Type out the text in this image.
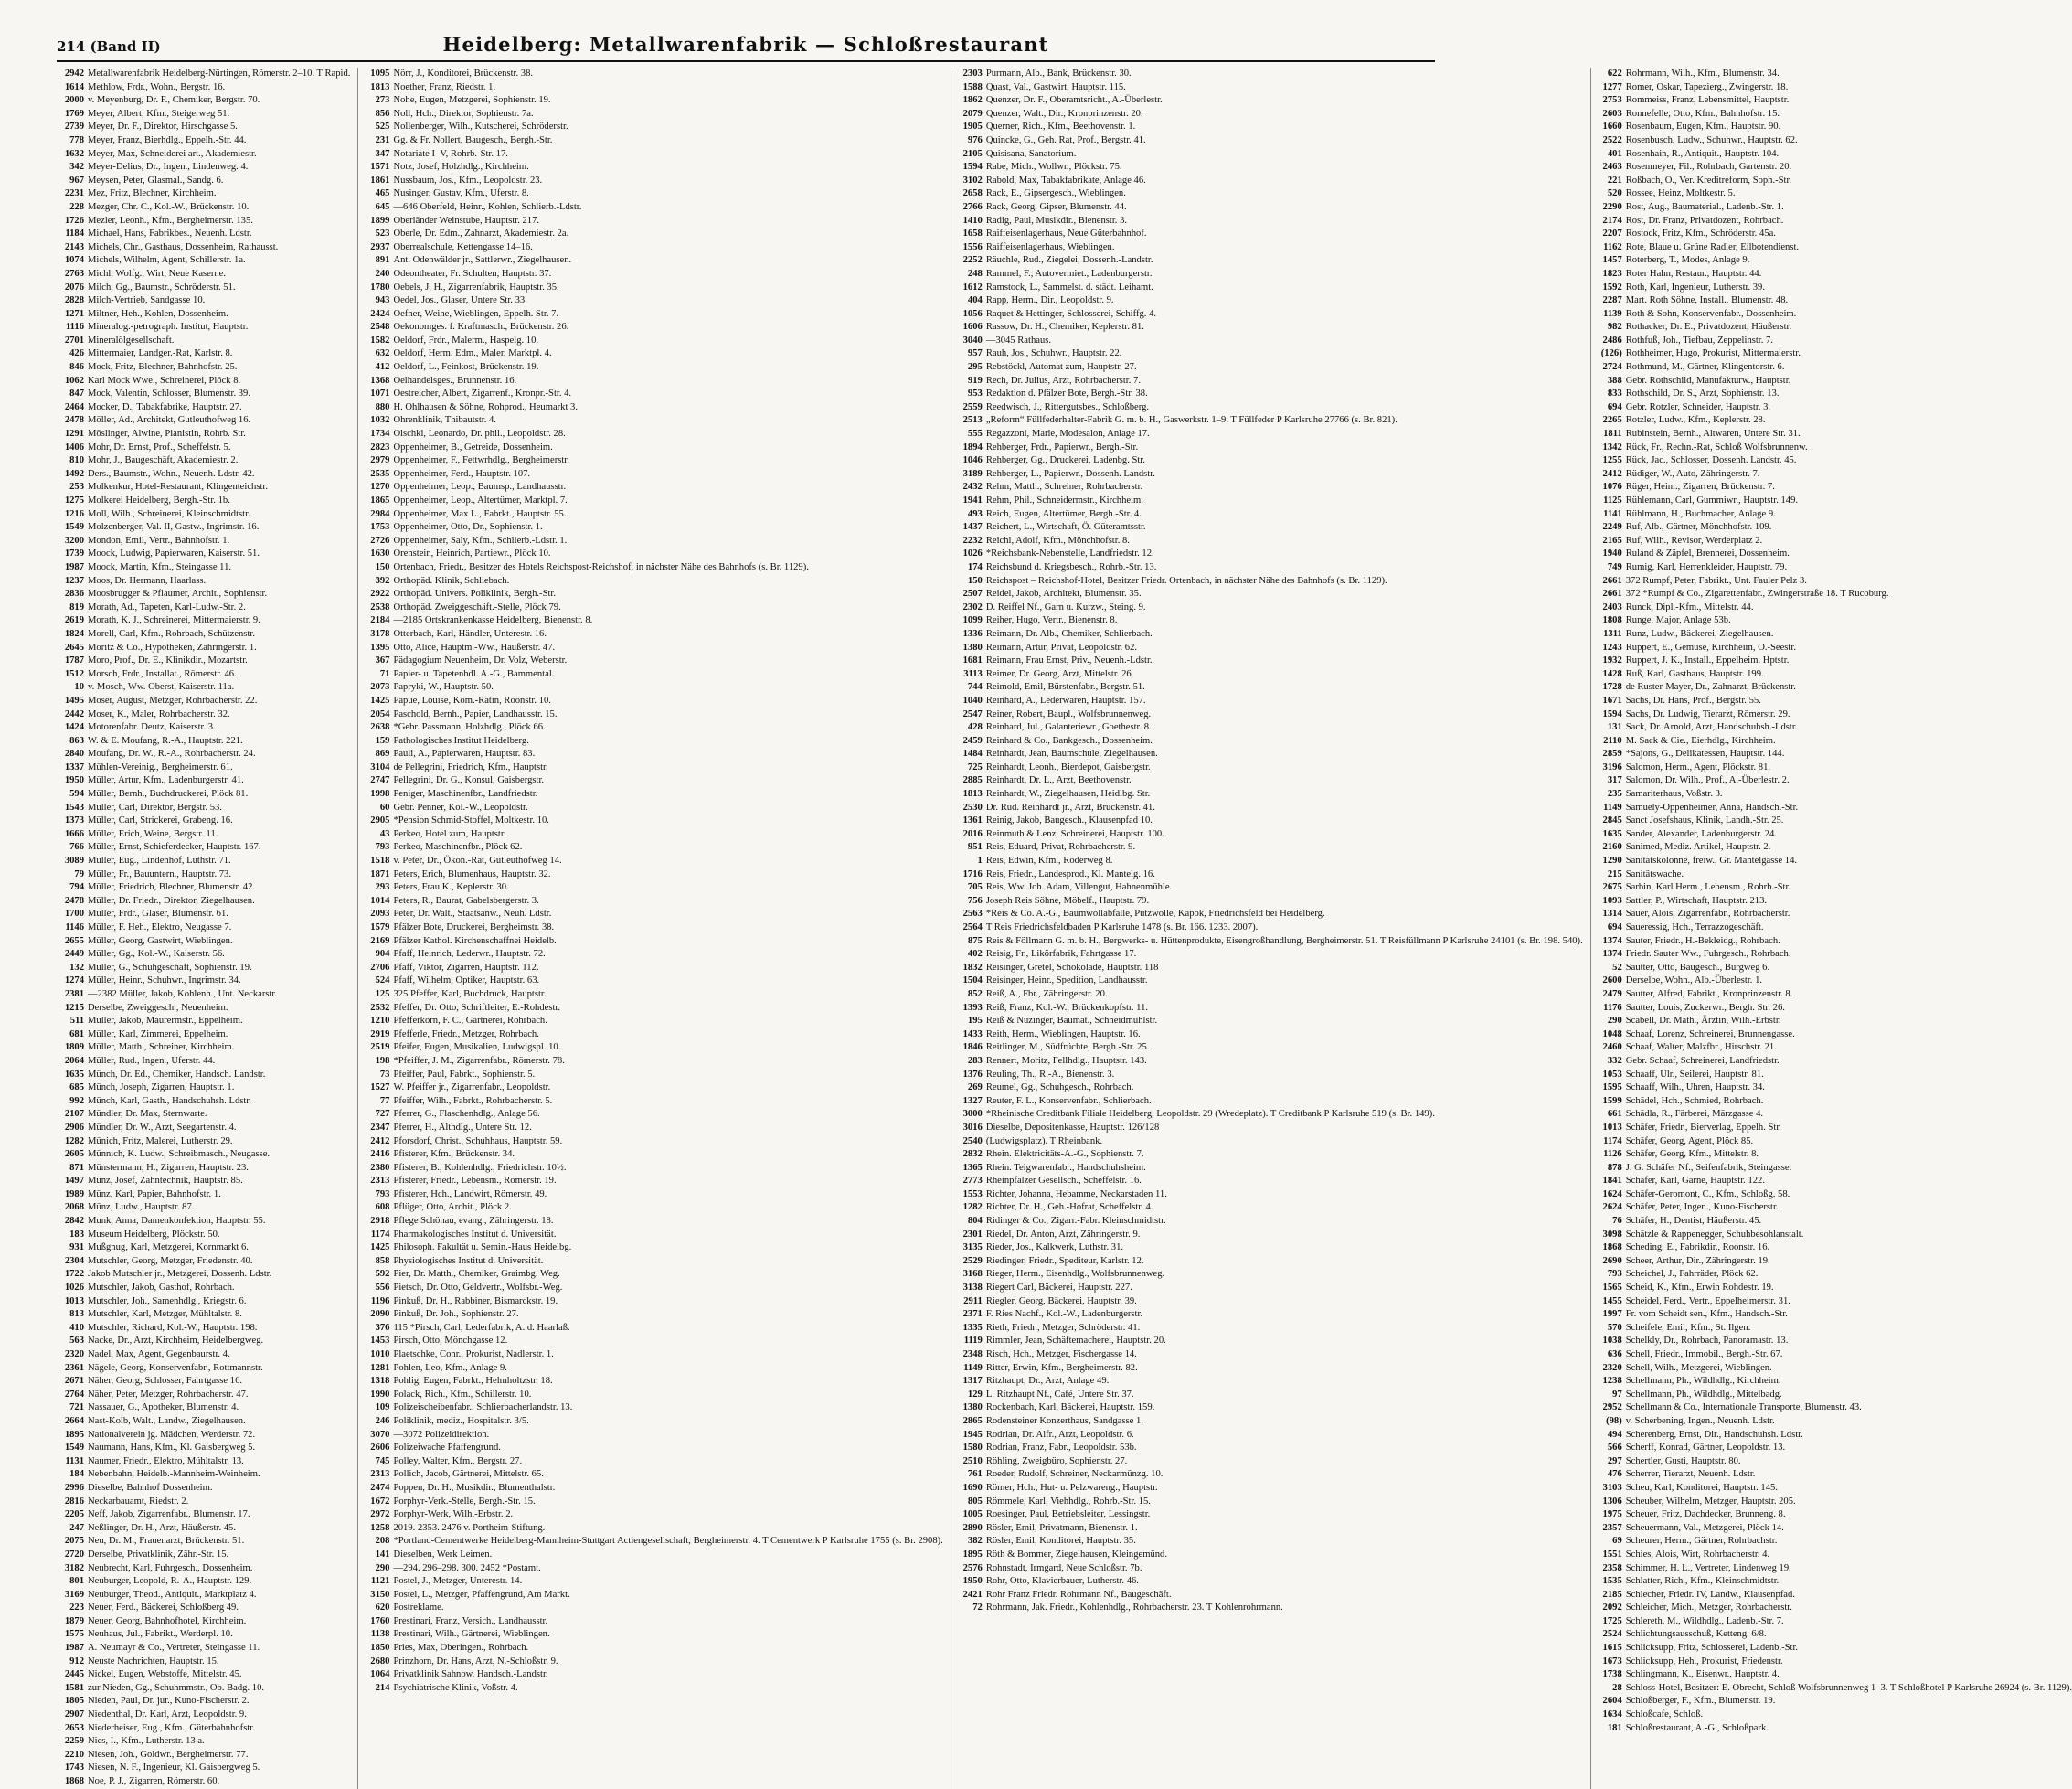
214 (Band II)	Heidelberg: Metallwarenfabrik — Schloßrestaurant
2942 Metallwarenfabrik Heidelberg-Nürtingen, Römerstr. 2–10. T Rapid.
1614 Methlow, Frdr., Wohn., Bergstr. 16.
2000 v. Meyenburg, Dr. F., Chemiker, Bergstr. 70.
1769 Meyer, Albert, Kfm., Steigerweg 51.
2739 Meyer, Dr. F., Direktor, Hirschgasse 5.
778 Meyer, Franz, Bierhdlg., Eppelh.-Str. 44.
1632 Meyer, Max, Schneiderei art., Akademiestr.
342 Meyer-Delius, Dr., Ingen., Lindenweg. 4.
967 Meysen, Peter, Glasmal., Sandg. 6.
2231 Mez, Fritz, Blechner, Kirchheim.
228 Mezger, Chr. C., Kol.-W., Brückenstr. 10.
1726 Mezler, Leonh., Kfm., Bergheimerstr. 135.
1184 Michael, Hans, Fabrikbes., Neuenh. Ldstr.
2143 Michels, Chr., Gasthaus, Dossenheim, Rathausst.
1074 Michels, Wilhelm, Agent, Schillerstr. 1a.
2763 Michl, Wolfg., Wirt, Neue Kaserne.
2076 Milch, Gg., Baumstr., Schröderstr. 51.
2828 Milch-Vertrieb, Sandgasse 10.
1271 Miltner, Heh., Kohlen, Dossenheim.
1116 Mineralog.-petrograph. Institut, Hauptstr.
2701 Mineralölgesellschaft.
426 Mittermaier, Landger.-Rat, Karlstr. 8.
846 Mock, Fritz, Blechner, Bahnhofstr. 25.
1062 Karl Mock Wwe., Schreinerei, Plöck 8.
847 Mock, Valentin, Schlosser, Blumenstr. 39.
2464 Mocker, D., Tabakfabrike, Hauptstr. 27.
2478 Möller, Ad., Architekt, Gutleuthofweg 16.
1291 Möslinger, Alwine, Pianistin, Rohrb. Str.
1406 Mohr, Dr. Ernst, Prof., Scheffelstr. 5.
810 Mohr, J., Baugeschäft, Akademiestr. 2.
1492 Ders., Baumstr., Wohn., Neuenh. Ldstr. 42.
253 Molkenkur, Hotel-Restaurant, Klingenteichstr.
1275 Molkerei Heidelberg, Bergh.-Str. 1b.
1216 Moll, Wilh., Schreinerei, Kleinschmidtstr.
1549 Molzenberger, Val. II, Gastw., Ingrimstr. 16.
3200 Mondon, Emil, Vertr., Bahnhofstr. 1.
1739 Moock, Ludwig, Papierwaren, Kaiserstr. 51.
1987 Moock, Martin, Kfm., Steingasse 11.
1237 Moos, Dr. Hermann, Haarlass.
2836 Moosbrugger & Pflaumer, Archit., Sophienstr.
819 Morath, Ad., Tapeten, Karl-Ludw.-Str. 2.
2619 Morath, K. J., Schreinerei, Mittermaierstr. 9.
1824 Morell, Carl, Kfm., Rohrbach, Schützenstr.
2645 Moritz & Co., Hypotheken, Zähringerstr. 1.
1787 Moro, Prof., Dr. E., Klinikdir., Mozartstr.
1512 Morsch, Frdr., Installat., Römerstr. 46.
10 v. Mosch, Ww. Oberst, Kaiserstr. 11a.
1495 Moser, August, Metzger, Rohrbacherstr. 22.
2442 Moser, K., Maler, Rohrbacherstr. 32.
1424 Motorenfabr. Deutz, Kaiserstr. 3.
863 W. & E. Moufang, R.-A., Hauptstr. 221.
2840 Moufang, Dr. W., R.-A., Rohrbacherstr. 24.
1337 Mühlen-Vereinig., Bergheimerstr. 61.
1950 Müller, Artur, Kfm., Ladenburgerstr. 41.
594 Müller, Bernh., Buchdruckerei, Plöck 81.
1543 Müller, Carl, Direktor, Bergstr. 53.
1373 Müller, Carl, Strickerei, Grabeng. 16.
1666 Müller, Erich, Weine, Bergstr. 11.
766 Müller, Ernst, Schieferdecker, Hauptstr. 167.
3089 Müller, Eug., Lindenhof, Luthstr. 71.
79 Müller, Fr., Bauuntern., Hauptstr. 73.
794 Müller, Friedrich, Blechner, Blumenstr. 42.
2478 Müller, Dr. Friedr., Direktor, Ziegelhausen.
1700 Müller, Frdr., Glaser, Blumenstr. 61.
1146 Müller, F. Heh., Elektro, Neugasse 7.
2655 Müller, Georg, Gastwirt, Wieblingen.
2449 Müller, Gg., Kol.-W., Kaiserstr. 56.
132 Müller, G., Schuhgeschäft, Sophienstr. 19.
1274 Müller, Heinr., Schuhwr., Ingrimstr. 34.
2381 —2382 Müller, Jakob, Kohlenh., Unt. Neckarstr.
1215 Derselbe, Zweiggesch., Neuenheim.
511 Müller, Jakob, Maurermstr., Eppelheim.
681 Müller, Karl, Zimmerei, Eppelheim.
1809 Müller, Matth., Schreiner, Kirchheim.
2064 Müller, Rud., Ingen., Uferstr. 44.
1635 Münch, Dr. Ed., Chemiker, Handsch. Landstr.
685 Münch, Joseph, Zigarren, Hauptstr. 1.
992 Münch, Karl, Gasth., Handschuhsh. Ldstr.
2107 Mündler, Dr. Max, Sternwarte.
2906 Mündler, Dr. W., Arzt, Seegartenstr. 4.
1282 Münich, Fritz, Malerei, Lutherstr. 29.
2605 Münnich, K. Ludw., Schreibmasch., Neugasse.
871 Münstermann, H., Zigarren, Hauptstr. 23.
1497 Münz, Josef, Zahntechnik, Hauptstr. 85.
1989 Münz, Karl, Papier, Bahnhofstr. 1.
2068 Münz, Ludw., Hauptstr. 87.
2842 Munk, Anna, Damenkonfektion, Hauptstr. 55.
183 Museum Heidelberg, Plöckstr. 50.
931 Mußgnug, Karl, Metzgerei, Kornmarkt 6.
2304 Mutschler, Georg, Metzger, Friedenstr. 40.
1722 Jakob Mutschler jr., Metzgerei, Dossenh. Ldstr.
1026 Mutschler, Jakob, Gasthof, Rohrbach.
1013 Mutschler, Joh., Samenhdlg., Kriegstr. 6.
813 Mutschler, Karl, Metzger, Mühltalstr. 8.
410 Mutschler, Richard, Kol.-W., Hauptstr. 198.
563 Nacke, Dr., Arzt, Kirchheim, Heidelbergweg.
2320 Nadel, Max, Agent, Gegenbaurstr. 4.
2361 Nägele, Georg, Konservenfabr., Rottmannstr.
2671 Näher, Georg, Schlosser, Fahrtgasse 16.
2764 Näher, Peter, Metzger, Rohrbacherstr. 47.
721 Nassauer, G., Apotheker, Blumenstr. 4.
2664 Nast-Kolb, Walt., Landw., Ziegelhausen.
1895 Nationalverein jg. Mädchen, Werderstr. 72.
1549 Naumann, Hans, Kfm., Kl. Gaisbergweg 5.
1131 Naumer, Friedr., Elektro, Mühltalstr. 13.
184 Nebenbahn, Heidelb.-Mannheim-Weinheim.
2996 Dieselbe, Bahnhof Dossenheim.
2816 Neckarbauamt, Riedstr. 2.
2205 Neff, Jakob, Zigarrenfabr., Blumenstr. 17.
247 Neßlinger, Dr. H., Arzt, Häußerstr. 45.
2075 Neu, Dr. M., Frauenarzt, Brückenstr. 51.
2720 Derselbe, Privatklinik, Zähr.-Str. 15.
3182 Neubrecht, Karl, Fuhrgesch., Dossenheim.
801 Neuburger, Leopold, R.-A., Hauptstr. 129.
3169 Neuburger, Theod., Antiquit., Marktplatz 4.
223 Neuer, Ferd., Bäckerei, Schloßberg 49.
1879 Neuer, Georg, Bahnhofhotel, Kirchheim.
1575 Neuhaus, Jul., Fabrikt., Werderpl. 10.
1987 A. Neumayr & Co., Vertreter, Steingasse 11.
912 Neuste Nachrichten, Hauptstr. 15.
2445 Nickel, Eugen, Webstoffe, Mittelstr. 45.
1581 zur Nieden, Gg., Schuhmmstr., Ob. Badg. 10.
1805 Nieden, Paul, Dr. jur., Kuno-Fischerstr. 2.
2907 Niedenthal, Dr. Karl, Arzt, Leopoldstr. 9.
2653 Niederheiser, Eug., Kfm., Güterbahnhofstr.
2259 Nies, I., Kfm., Lutherstr. 13 a.
2210 Niesen, Joh., Goldwr., Bergheimerstr. 77.
1743 Niesen, N. F., Ingenieur, Kl. Gaisbergweg 5.
1868 Noe, P. J., Zigarren, Römerstr. 60.
1095 Nörr, J., Konditorei, Brückenstr. 38.
1813 Noether, Franz, Riedstr. 1.
273 Nohe, Eugen, Metzgerei, Sophienstr. 19.
856 Noll, Hch., Direktor, Sophienstr. 7a.
525 Nollenberger, Wilh., Kutscherei, Schröderstr.
231 Gg. & Fr. Nollert, Baugesch., Bergh.-Str.
347 Notariate I–V, Rohrb.-Str. 17.
1571 Notz, Josef, Holzhdlg., Kirchheim.
1861 Nussbaum, Jos., Kfm., Leopoldstr. 23.
465 Nusinger, Gustav, Kfm., Uferstr. 8.
645 —646 Oberfeld, Heinr., Kohlen, Schlierb.-Ldstr.
1899 Oberländer Weinstube, Hauptstr. 217.
523 Oberle, Dr. Edm., Zahnarzt, Akademiestr. 2a.
2937 Oberrealschule, Kettengasse 14–16.
891 Ant. Odenwälder jr., Sattlerwr., Ziegelhausen.
240 Odeontheater, Fr. Schulten, Hauptstr. 37.
1780 Oebels, J. H., Zigarrenfabrik, Hauptstr. 35.
943 Oedel, Jos., Glaser, Untere Str. 33.
2424 Oefner, Weine, Wieblingen, Eppelh. Str. 7.
2548 Oekonomges. f. Kraftmasch., Brückenstr. 26.
1582 Oeldorf, Frdr., Malerm., Haspelg. 10.
632 Oeldorf, Herm. Edm., Maler, Marktpl. 4.
412 Oeldorf, L., Feinkost, Brückenstr. 19.
1368 Oelhandelsges., Brunnenstr. 16.
1071 Oestreicher, Albert, Zigarrenf., Kronpr.-Str. 4.
880 H. Ohlhausen & Söhne, Rohprod., Heumarkt 3.
1032 Ohrenklinik, Thibautstr. 4.
1734 Olschki, Leonardo, Dr. phil., Leopoldstr. 28.
2823 Oppenheimer, B., Getreide, Dossenheim.
2979 Oppenheimer, F., Fettwrhdlg., Bergheimerstr.
2535 Oppenheimer, Ferd., Hauptstr. 107.
1270 Oppenheimer, Leop., Baumsp., Landhausstr.
1865 Oppenheimer, Leop., Altertümer, Marktpl. 7.
2984 Oppenheimer, Max L., Fabrkt., Hauptstr. 55.
1753 Oppenheimer, Otto, Dr., Sophienstr. 1.
2726 Oppenheimer, Saly, Kfm., Schlierb.-Ldstr. 1.
1630 Orenstein, Heinrich, Partiewr., Plöck 10.
150 Ortenbach, Friedr., Besitzer des Hotels Reichspost-Reichshof, in nächster Nähe des Bahnhofs (s. Br. 1129).
392 Orthopäd. Klinik, Schliebach.
2922 Orthopäd. Univers. Poliklinik, Bergh.-Str.
2538 Orthopäd. Zweiggeschäft.-Stelle, Plöck 79.
2184 —2185 Ortskrankenkasse Heidelberg, Bienenstr. 8.
3178 Otterbach, Karl, Händler, Unterestr. 16.
1395 Otto, Alice, Hauptm.-Ww., Häußerstr. 47.
367 Pädagogium Neuenheim, Dr. Volz, Weberstr.
71 Papier- u. Tapetenhdl. A.-G., Bammental.
2073 Papryki, W., Hauptstr. 50.
1425 Papue, Louise, Kom.-Rätin, Roonstr. 10.
2054 Paschold, Bernh., Papier, Landhausstr. 15.
2638 *Gebr. Passmann, Holzhdlg., Plöck 66.
159 Pathologisches Institut Heidelberg.
869 Pauli, A., Papierwaren, Hauptstr. 83.
3104 de Pellegrini, Friedrich, Kfm., Hauptstr.
2747 Pellegrini, Dr. G., Konsul, Gaisbergstr.
1998 Peniger, Maschinenfbr., Landfriedstr.
60 Gebr. Penner, Kol.-W., Leopoldstr.
2905 *Pension Schmid-Stoffel, Moltkestr. 10.
43 Perkeo, Hotel zum, Hauptstr.
793 Perkeo, Maschinenfbr., Plöck 62.
1518 v. Peter, Dr., Ökon.-Rat, Gutleuthofweg 14.
1871 Peters, Erich, Blumenhaus, Hauptstr. 32.
293 Peters, Frau K., Keplerstr. 30.
1014 Peters, R., Baurat, Gabelsbergerstr. 3.
2093 Peter, Dr. Walt., Staatsanw., Neuh. Ldstr.
1579 Pfälzer Bote, Druckerei, Bergheimstr. 38.
2169 Pfälzer Kathol. Kirchenschaffnei Heidelb.
904 Pfaff, Heinrich, Lederwr., Hauptstr. 72.
2706 Pfaff, Viktor, Zigarren, Hauptstr. 112.
524 Pfaff, Wilhelm, Optiker, Hauptstr. 63.
125 325 Pfeffer, Karl, Buchdruck, Hauptstr.
2532 Pfeffer, Dr. Otto, Schriftleiter, E.-Rohdestr.
1210 Pfefferkorn, F. C., Gärtnerei, Rohrbach.
2919 Pfefferle, Friedr., Metzger, Rohrbach.
2519 Pfeifer, Eugen, Musikalien, Ludwigspl. 10.
198 *Pfeiffer, J. M., Zigarrenfabr., Römerstr. 78.
73 Pfeiffer, Paul, Fabrkt., Sophienstr. 5.
1527 W. Pfeiffer jr., Zigarrenfabr., Leopoldstr.
77 Pfeiffer, Wilh., Fabrkt., Rohrbacherstr. 5.
727 Pferrer, G., Flaschenhdlg., Anlage 56.
2347 Pferrer, H., Althdlg., Untere Str. 12.
2412 Pforsdorf, Christ., Schuhhaus, Hauptstr. 59.
2416 Pfisterer, Kfm., Brückenstr. 34.
2380 Pfisterer, B., Kohlenhdlg., Friedrichstr. 10½.
2313 Pfisterer, Friedr., Lebensm., Römerstr. 19.
793 Pfisterer, Hch., Landwirt, Römerstr. 49.
608 Pflüger, Otto, Archit., Plöck 2.
2918 Pflege Schönau, evang., Zähringerstr. 18.
1174 Pharmakologisches Institut d. Universität.
1425 Philosoph. Fakultät u. Semin.-Haus Heidelbg.
858 Physiologisches Institut d. Universität.
592 Pier, Dr. Matth., Chemiker, Graimbg. Weg.
556 Pietsch, Dr. Otto, Geldvertr., Wolfsbr.-Weg.
1196 Pinkuß, Dr. H., Rabbiner, Bismarckstr. 19.
2090 Pinkuß, Dr. Joh., Sophienstr. 27.
376 115 *Pirsch, Carl, Lederfabrik, A. d. Haarlaß.
1453 Pirsch, Otto, Mönchgasse 12.
1010 Plaetschke, Conr., Prokurist, Nadlerstr. 1.
1281 Pohlen, Leo, Kfm., Anlage 9.
1318 Pohlig, Eugen, Fabrkt., Helmholtzstr. 18.
1990 Polack, Rich., Kfm., Schillerstr. 10.
109 Polizeischeibenfabr., Schlierbacherlandstr. 13.
246 Poliklinik, mediz., Hospitalstr. 3/5.
3070 —3072 Polizeidirektion.
2606 Polizeiwache Pfaffengrund.
745 Polley, Walter, Kfm., Bergstr. 27.
2313 Pollich, Jacob, Gärtnerei, Mittelstr. 65.
2474 Poppen, Dr. H., Musikdir., Blumenthalstr.
1672 Porphyr-Verk.-Stelle, Bergh.-Str. 15.
2972 Porphyr-Werk, Wilh.-Erbstr. 2.
1258 2019. 2353. 2476 v. Portheim-Stiftung.
208 *Portland-Cementwerke Heidelberg-Mannheim-Stuttgart Actiengesellschaft, Bergheimerstr. 4. T Cementwerk P Karlsruhe 1755 (s. Br. 2908).
141 Dieselben, Werk Leimen.
290 —294. 296–298. 300. 2452 *Postamt.
1121 Postel, J., Metzger, Unterestr. 14.
3150 Postel, L., Metzger, Pfaffengrund, Am Markt.
620 Postreklame.
1760 Prestinari, Franz, Versich., Landhausstr.
1138 Prestinari, Wilh., Gärtnerei, Wieblingen.
1850 Pries, Max, Oberingen., Rohrbach.
2680 Prinzhorn, Dr. Hans, Arzt, N.-Schloßstr. 9.
1064 Privatklinik Sahnow, Handsch.-Landstr.
214 Psychiatrische Klinik, Voßstr. 4.
2303 Purmann, Alb., Bank, Brückenstr. 30.
1588 Quast, Val., Gastwirt, Hauptstr. 115.
1862 Quenzer, Dr. F., Oberamtsricht., A.-Überlestr.
2079 Quenzer, Walt., Dir., Kronprinzenstr. 20.
1905 Querner, Rich., Kfm., Beethovenstr. 1.
976 Quincke, G., Geh. Rat, Prof., Bergstr. 41.
2105 Quisisana, Sanatorium.
1594 Rabe, Mich., Wollwr., Plöckstr. 75.
3102 Rabold, Max, Tabakfabrikate, Anlage 46.
2658 Rack, E., Gipsergesch., Wieblingen.
2766 Rack, Georg, Gipser, Blumenstr. 44.
1410 Radig, Paul, Musikdir., Bienenstr. 3.
1658 Raiffeisenlagerhaus, Neue Güterbahnhof.
1556 Raiffeisenlagerhaus, Wieblingen.
2252 Räuchle, Rud., Ziegelei, Dossenh.-Landstr.
248 Rammel, F., Autovermiet., Ladenburgerstr.
1612 Ramstock, L., Sammelst. d. städt. Leihamt.
404 Rapp, Herm., Dir., Leopoldstr. 9.
1056 Raquet & Hettinger, Schlosserei, Schiffg. 4.
1606 Rassow, Dr. H., Chemiker, Keplerstr. 81.
3040 —3045 Rathaus.
957 Rauh, Jos., Schuhwr., Hauptstr. 22.
295 Rebstöckl, Automat zum, Hauptstr. 27.
919 Rech, Dr. Julius, Arzt, Rohrbacherstr. 7.
953 Redaktion d. Pfälzer Bote, Bergh.-Str. 38.
2559 Reedwisch, J., Rittergutsbes., Schloßberg.
2513 „Reform“ Füllfederhalter-Fabrik G. m. b. H., Gaswerkstr. 1–9. T Füllfeder P Karlsruhe 27766 (s. Br. 821).
555 Regazzoni, Marie, Modesalon, Anlage 17.
1894 Rehberger, Frdr., Papierwr., Bergh.-Str.
1046 Rehberger, Gg., Druckerei, Ladenbg. Str.
3189 Rehberger, L., Papierwr., Dossenh. Landstr.
2432 Rehm, Matth., Schreiner, Rohrbacherstr.
1941 Rehm, Phil., Schneidermstr., Kirchheim.
493 Reich, Eugen, Altertümer, Bergh.-Str. 4.
1437 Reichert, L., Wirtschaft, Ö. Güteramtsstr.
2232 Reichl, Adolf, Kfm., Mönchhofstr. 8.
1026 *Reichsbank-Nebenstelle, Landfriedstr. 12.
174 Reichsbund d. Kriegsbesch., Rohrb.-Str. 13.
150 Reichspost – Reichshof-Hotel, Besitzer Friedr. Ortenbach, in nächster Nähe des Bahnhofs (s. Br. 1129).
2507 Reidel, Jakob, Architekt, Blumenstr. 35.
2302 D. Reiffel Nf., Garn u. Kurzw., Steing. 9.
1099 Reiher, Hugo, Vertr., Bienenstr. 8.
1336 Reimann, Dr. Alb., Chemiker, Schlierbach.
1380 Reimann, Artur, Privat, Leopoldstr. 62.
1681 Reimann, Frau Ernst, Priv., Neuenh.-Ldstr.
3113 Reimer, Dr. Georg, Arzt, Mittelstr. 26.
744 Reimold, Emil, Bürstenfabr., Bergstr. 51.
1040 Reinhard, A., Lederwaren, Hauptstr. 157.
2547 Reiner, Robert, Baupl., Wolfsbrunnenweg.
428 Reinhard, Jul., Galanteriewr., Goethestr. 8.
2459 Reinhard & Co., Bankgesch., Dossenheim.
1484 Reinhardt, Jean, Baumschule, Ziegelhausen.
725 Reinhardt, Leonh., Bierdepot, Gaisbergstr.
2885 Reinhardt, Dr. L., Arzt, Beethovenstr.
1813 Reinhardt, W., Ziegelhausen, Heidlbg. Str.
2530 Dr. Rud. Reinhardt jr., Arzt, Brückenstr. 41.
1361 Reinig, Jakob, Baugesch., Klausenpfad 10.
2016 Reinmuth & Lenz, Schreinerei, Hauptstr. 100.
951 Reis, Eduard, Privat, Rohrbacherstr. 9.
1 Reis, Edwin, Kfm., Röderweg 8.
1716 Reis, Friedr., Landesprod., Kl. Mantelg. 16.
705 Reis, Ww. Joh. Adam, Villengut, Hahnenmühle.
756 Joseph Reis Söhne, Möbelf., Hauptstr. 79.
2563 *Reis & Co. A.-G., Baumwollabfälle, Putzwolle, Kapok, Friedrichsfeld bei Heidelberg.
2564 T Reis Friedrichsfeldbaden P Karlsruhe 1478 (s. Br. 166. 1233. 2007).
875 Reis & Föllmann G. m. b. H., Bergwerks- u. Hüttenprodukte, Eisengroßhandlung, Bergheimerstr. 51. T Reisfüllmann P Karlsruhe 24101 (s. Br. 198. 540).
402 Reisig, Fr., Likörfabrik, Fahrtgasse 17.
1832 Reisinger, Gretel, Schokolade, Hauptstr. 118
1504 Reisinger, Heinr., Spedition, Landhausstr.
852 Reiß, A., Fbr., Zähringerstr. 20.
1393 Reiß, Franz, Kol.-W., Brückenkopfstr. 11.
195 Reiß & Nuzinger, Baumat., Schneidmühlstr.
1433 Reith, Herm., Wieblingen, Hauptstr. 16.
1846 Reitlinger, M., Südfrüchte, Bergh.-Str. 25.
283 Rennert, Moritz, Fellhdlg., Hauptstr. 143.
1376 Reuling, Th., R.-A., Bienenstr. 3.
269 Reumel, Gg., Schuhgesch., Rohrbach.
1327 Reuter, F. L., Konservenfabr., Schlierbach.
3000 *Rheinische Creditbank Filiale Heidelberg, Leopoldstr. 29 (Wredeplatz). T Creditbank P Karlsruhe 519 (s. Br. 149).
3016 Dieselbe, Depositenkasse, Hauptstr. 126/128
2540 (Ludwigsplatz). T Rheinbank.
2832 Rhein. Elektricitäts-A.-G., Sophienstr. 7.
1365 Rhein. Teigwarenfabr., Handschuhsheim.
2773 Rheinpfälzer Gesellsch., Scheffelstr. 16.
1553 Richter, Johanna, Hebamme, Neckarstaden 11.
1282 Richter, Dr. H., Geh.-Hofrat, Scheffelstr. 4.
804 Ridinger & Co., Zigarr.-Fabr. Kleinschmidtstr.
2301 Riedel, Dr. Anton, Arzt, Zähringerstr. 9.
3135 Rieder, Jos., Kalkwerk, Luthstr. 31.
2529 Riedinger, Friedr., Spediteur, Karlstr. 12.
3168 Rieger, Herm., Eisenhdlg., Wolfsbrunnenweg.
3138 Riegert Carl, Bäckerei, Hauptstr. 227.
2911 Riegler, Georg, Bäckerei, Hauptstr. 39.
2371 F. Ries Nachf., Kol.-W., Ladenburgerstr.
1335 Rieth, Friedr., Metzger, Schröderstr. 41.
1119 Rimmler, Jean, Schäftemacherei, Hauptstr. 20.
2348 Risch, Hch., Metzger, Fischergasse 14.
1149 Ritter, Erwin, Kfm., Bergheimerstr. 82.
1317 Ritzhaupt, Dr., Arzt, Anlage 49.
129 L. Ritzhaupt Nf., Café, Untere Str. 37.
1380 Rockenbach, Karl, Bäckerei, Hauptstr. 159.
2865 Rodensteiner Konzerthaus, Sandgasse 1.
1945 Rodrian, Dr. Alfr., Arzt, Leopoldstr. 6.
1580 Rodrian, Franz, Fabr., Leopoldstr. 53b.
2510 Röhling, Zweigbüro, Sophienstr. 27.
761 Roeder, Rudolf, Schreiner, Neckarmünzg. 10.
1690 Römer, Hch., Hut- u. Pelzwareng., Hauptstr.
805 Römmele, Karl, Viehhdlg., Rohrb.-Str. 15.
1005 Roesinger, Paul, Betriebsleiter, Lessingstr.
2890 Rösler, Emil, Privatmann, Bienenstr. 1.
382 Rösler, Emil, Konditorei, Hauptstr. 35.
1895 Röth & Bommer, Ziegelhausen, Kleingemünd.
2576 Rohnstadt, Irmgard, Neue Schloßstr. 7b.
1950 Rohr, Otto, Klavierbauer, Lutherstr. 46.
2421 Rohr Franz Friedr. Rohrmann Nf., Baugeschäft.
72 Rohrmann, Jak. Friedr., Kohlenhdlg., Rohrbacherstr. 23. T Kohlenrohrmann.
622 Rohrmann, Wilh., Kfm., Blumenstr. 34.
1277 Romer, Oskar, Tapezierg., Zwingerstr. 18.
2753 Rommeiss, Franz, Lebensmittel, Hauptstr.
2603 Ronnefelle, Otto, Kfm., Bahnhofstr. 15.
1660 Rosenbaum, Eugen, Kfm., Hauptstr. 90.
2522 Rosenbusch, Ludw., Schuhwr., Hauptstr. 62.
401 Rosenhain, R., Antiquit., Hauptstr. 104.
2463 Rosenmeyer, Fil., Rohrbach, Gartenstr. 20.
221 Roßbach, O., Ver. Kreditreform, Soph.-Str.
520 Rossee, Heinz, Moltkestr. 5.
2290 Rost, Aug., Baumaterial., Ladenb.-Str. 1.
2174 Rost, Dr. Franz, Privatdozent, Rohrbach.
2207 Rostock, Fritz, Kfm., Schröderstr. 45a.
1162 Rote, Blaue u. Grüne Radler, Eilbotendienst.
1457 Roterberg, T., Modes, Anlage 9.
1823 Roter Hahn, Restaur., Hauptstr. 44.
1592 Roth, Karl, Ingenieur, Lutherstr. 39.
2287 Mart. Roth Söhne, Install., Blumenstr. 48.
1139 Roth & Sohn, Konservenfabr., Dossenheim.
982 Rothacker, Dr. E., Privatdozent, Häußerstr.
2486 Rothfuß, Joh., Tiefbau, Zeppelinstr. 7.
(126) Rothheimer, Hugo, Prokurist, Mittermaierstr.
2724 Rothmund, M., Gärtner, Klingentorstr. 6.
388 Gebr. Rothschild, Manufakturw., Hauptstr.
833 Rothschild, Dr. S., Arzt, Sophienstr. 13.
694 Gebr. Rotzler, Schneider, Hauptstr. 3.
2265 Rotzler, Ludw., Kfm., Keplerstr. 28.
1811 Rubinstein, Bernh., Altwaren, Untere Str. 31.
1342 Rück, Fr., Rechn.-Rat, Schloß Wolfsbrunnenw.
1255 Rück, Jac., Schlosser, Dossenh. Landstr. 45.
2412 Rüdiger, W., Auto, Zähringerstr. 7.
1076 Rüger, Heinr., Zigarren, Brückenstr. 7.
1125 Rühlemann, Carl, Gummiwr., Hauptstr. 149.
1141 Rühlmann, H., Buchmacher, Anlage 9.
2249 Ruf, Alb., Gärtner, Mönchhofstr. 109.
2165 Ruf, Wilh., Revisor, Werderplatz 2.
1940 Ruland & Zäpfel, Brennerei, Dossenheim.
749 Rumig, Karl, Herrenkleider, Hauptstr. 79.
2661 372 Rumpf, Peter, Fabrikt., Unt. Fauler Pelz 3.
2661 372 *Rumpf & Co., Zigarettenfabr., Zwingerstraße 18. T Rucoburg.
2403 Runck, Dipl.-Kfm., Mittelstr. 44.
1808 Runge, Major, Anlage 53b.
1311 Runz, Ludw., Bäckerei, Ziegelhausen.
1243 Ruppert, E., Gemüse, Kirchheim, O.-Seestr.
1932 Ruppert, J. K., Install., Eppelheim. Hptstr.
1428 Ruß, Karl, Gasthaus, Hauptstr. 199.
1728 de Ruster-Mayer, Dr., Zahnarzt, Brückenstr.
1671 Sachs, Dr. Hans, Prof., Bergstr. 55.
1594 Sachs, Dr. Ludwig, Tierarzt, Römerstr. 29.
131 Sack, Dr. Arnold, Arzt, Handschuhsh.-Ldstr.
2110 M. Sack & Cie., Eierhdlg., Kirchheim.
2859 *Sajons, G., Delikatessen, Hauptstr. 144.
3196 Salomon, Herm., Agent, Plöckstr. 81.
317 Salomon, Dr. Wilh., Prof., A.-Überlestr. 2.
235 Samariterhaus, Voßstr. 3.
1149 Samuely-Oppenheimer, Anna, Handsch.-Str.
2845 Sanct Josefshaus, Klinik, Landh.-Str. 25.
1635 Sander, Alexander, Ladenburgerstr. 24.
2160 Sanimed, Mediz. Artikel, Hauptstr. 2.
1290 Sanitätskolonne, freiw., Gr. Mantelgasse 14.
215 Sanitätswache.
2675 Sarbin, Karl Herm., Lebensm., Rohrb.-Str.
1093 Sattler, P., Wirtschaft, Hauptstr. 213.
1314 Sauer, Alois, Zigarrenfabr., Rohrbacherstr.
694 Saueressig, Hch., Terrazzogeschäft.
1374 Sauter, Friedr., H.-Bekleidg., Rohrbach.
1374 Friedr. Sauter Ww., Fuhrgesch., Rohrbach.
52 Sautter, Otto, Baugesch., Burgweg 6.
2600 Derselbe, Wohn., Alb.-Überlestr. 1.
2479 Sautter, Alfred, Fabrikt., Kronprinzenstr. 8.
1176 Sautter, Louis, Zuckerwr., Bergh. Str. 26.
290 Scabell, Dr. Math., Ärztin, Wilh.-Erbstr.
1048 Schaaf, Lorenz, Schreinerei, Brunnengasse.
2460 Schaaf, Walter, Malzfbr., Hirschstr. 21.
332 Gebr. Schaaf, Schreinerei, Landfriedstr.
1053 Schaaff, Ulr., Seilerei, Hauptstr. 81.
1595 Schaaff, Wilh., Uhren, Hauptstr. 34.
1599 Schädel, Hch., Schmied, Rohrbach.
661 Schädla, R., Färberei, Märzgasse 4.
1013 Schäfer, Friedr., Bierverlag, Eppelh. Str.
1174 Schäfer, Georg, Agent, Plöck 85.
1126 Schäfer, Georg, Kfm., Mittelstr. 8.
878 J. G. Schäfer Nf., Seifenfabrik, Steingasse.
1841 Schäfer, Karl, Garne, Hauptstr. 122.
1624 Schäfer-Geromont, C., Kfm., Schloßg. 58.
2624 Schäfer, Peter, Ingen., Kuno-Fischerstr.
76 Schäfer, H., Dentist, Häußerstr. 45.
3098 Schätzle & Rappenegger, Schuhbesohlanstalt.
1868 Scheding, E., Fabrikdir., Roonstr. 16.
2690 Scheer, Arthur, Dir., Zähringerstr. 19.
793 Scheichel, J., Fahrräder, Plöck 62.
1565 Scheid, K., Kfm., Erwin Rohdestr. 19.
1455 Scheidel, Ferd., Vertr., Eppelheimerstr. 31.
1997 Fr. vom Scheidt sen., Kfm., Handsch.-Str.
570 Scheifele, Emil, Kfm., St. Ilgen.
1038 Schelkly, Dr., Rohrbach, Panoramastr. 13.
636 Schell, Friedr., Immobil., Bergh.-Str. 67.
2320 Schell, Wilh., Metzgerei, Wieblingen.
1238 Schellmann, Ph., Wildhdlg., Kirchheim.
97 Schellmann, Ph., Wildhdlg., Mittelbadg.
2952 Schellmann & Co., Internationale Transporte, Blumenstr. 43.
(98) v. Scherbening, Ingen., Neuenh. Ldstr.
494 Scherenberg, Ernst, Dir., Handschuhsh. Ldstr.
566 Scherff, Konrad, Gärtner, Leopoldstr. 13.
297 Schertler, Gusti, Hauptstr. 80.
476 Scherrer, Tierarzt, Neuenh. Ldstr.
3103 Scheu, Karl, Konditorei, Hauptstr. 145.
1306 Scheuber, Wilhelm, Metzger, Hauptstr. 205.
1975 Scheuer, Fritz, Dachdecker, Brunneng. 8.
2357 Scheuermann, Val., Metzgerei, Plöck 14.
69 Scheurer, Herm., Gärtner, Rohrbachstr.
1551 Schies, Alois, Wirt, Rohrbacherstr. 4.
2358 Schimmer, H. L., Vertreter, Lindenweg 19.
1535 Schlatter, Rich., Kfm., Kleinschmidtstr.
2185 Schlecher, Friedr. IV, Landw., Klausenpfad.
2092 Schleicher, Mich., Metzger, Rohrbacherstr.
1725 Schlereth, M., Wildhdlg., Ladenb.-Str. 7.
2524 Schlichtungsausschuß, Ketteng. 6/8.
1615 Schlicksupp, Fritz, Schlosserei, Ladenb.-Str.
1673 Schlicksupp, Heh., Prokurist, Friedenstr.
1738 Schlingmann, K., Eisenwr., Hauptstr. 4.
28 Schloss-Hotel, Besitzer: E. Obrecht, Schloß Wolfsbrunnenweg 1–3. T Schloßhotel P Karlsruhe 26924 (s. Br. 1129).
2604 Schloßberger, F., Kfm., Blumenstr. 19.
1634 Schloßcafe, Schloß.
181 Schloßrestaurant, A.-G., Schloßpark.
